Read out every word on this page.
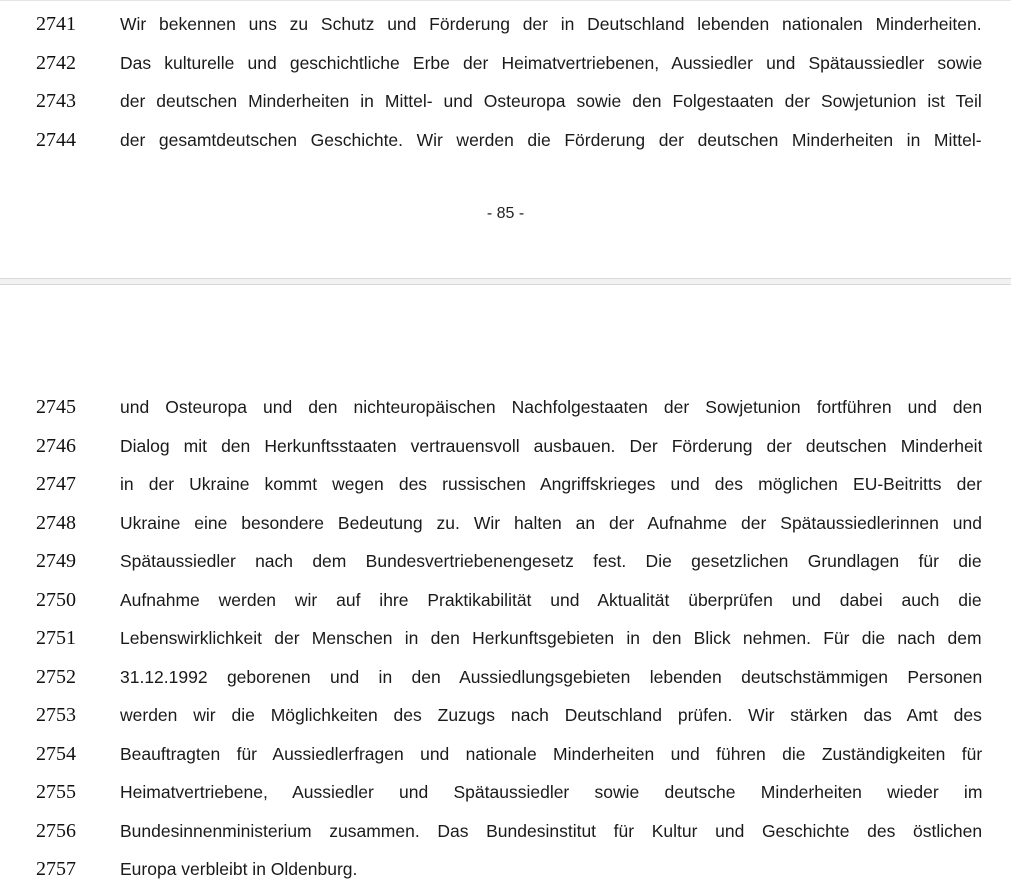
2741	Wir bekennen uns zu Schutz und Förderung der in Deutschland lebenden nationalen Minderheiten.
2742	Das kulturelle und geschichtliche Erbe der Heimatvertriebenen, Aussiedler und Spätaussiedler sowie
2743	der deutschen Minderheiten in Mittel- und Osteuropa sowie den Folgestaaten der Sowjetunion ist Teil
2744	der gesamtdeutschen Geschichte. Wir werden die Förderung der deutschen Minderheiten in Mittel-
- 85 -
2745	und Osteuropa und den nichteuropäischen Nachfolgestaaten der Sowjetunion fortführen und den
2746	Dialog mit den Herkunftsstaaten vertrauensvoll ausbauen. Der Förderung der deutschen Minderheit
2747	in der Ukraine kommt wegen des russischen Angriffskrieges und des möglichen EU-Beitritts der
2748	Ukraine eine besondere Bedeutung zu. Wir halten an der Aufnahme der Spätaussiedlerinnen und
2749	Spätaussiedler nach dem Bundesvertriebenengesetz fest. Die gesetzlichen Grundlagen für die
2750	Aufnahme werden wir auf ihre Praktikabilität und Aktualität überprüfen und dabei auch die
2751	Lebenswirklichkeit der Menschen in den Herkunftsgebieten in den Blick nehmen. Für die nach dem
2752	31.12.1992 geborenen und in den Aussiedlungsgebieten lebenden deutschstämmigen Personen
2753	werden wir die Möglichkeiten des Zuzugs nach Deutschland prüfen. Wir stärken das Amt des
2754	Beauftragten für Aussiedlerfragen und nationale Minderheiten und führen die Zuständigkeiten für
2755	Heimatvertriebene, Aussiedler und Spätaussiedler sowie deutsche Minderheiten wieder im
2756	Bundesinnenministerium zusammen. Das Bundesinstitut für Kultur und Geschichte des östlichen
2757	Europa verbleibt in Oldenburg.
